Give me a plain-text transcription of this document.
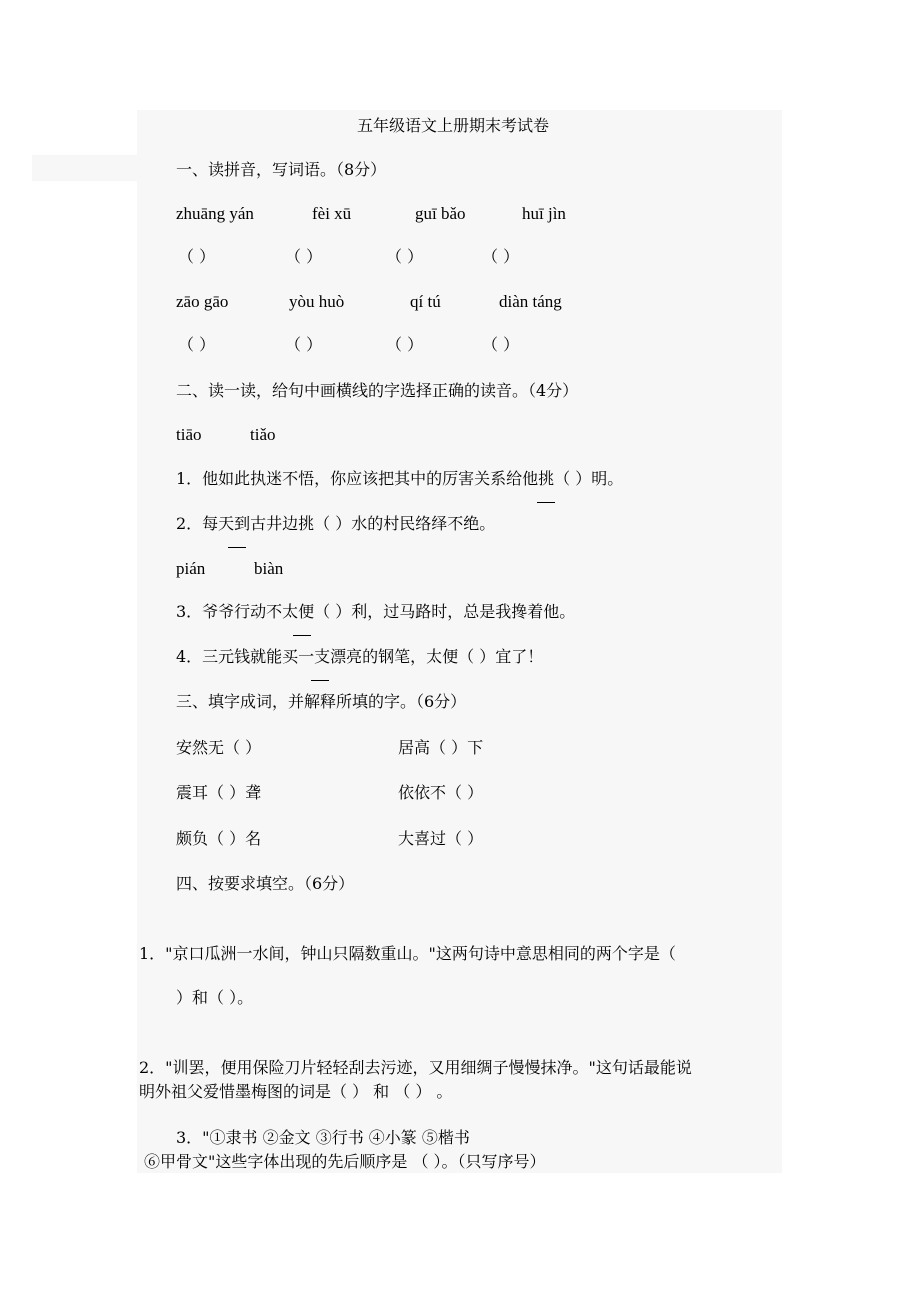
五年级语文上册期末考试卷
一、读拼音，写词语。（8分）
zhuāng yán	fèi xū	guī bǎo	huī jìn
（ ）	（ ）	（ ）	（ ）
zāo gāo	yòu huò	qí tú	diàn táng
（ ）	（ ）	（ ）	（ ）
二、读一读，给句中画横线的字选择正确的读音。（4分）
tiāo	tiǎo
1．他如此执迷不悟，你应该把其中的厉害关系给他挑（ ）明。
2．每天到古井边挑（ ）水的村民络绎不绝。
pián	biàn
3．爷爷行动不太便（ ）利，过马路时，总是我搀着他。
4．三元钱就能买一支漂亮的钢笔，太便（ ）宜了！
三、填字成词，并解释所填的字。（6分）
安然无（ ）	居高（ ）下
震耳（ ）聋	依依不（ ）
颇负（ ）名	大喜过（ ）
四、按要求填空。（6分）
1．"京口瓜洲一水间，钟山只隔数重山。"这两句诗中意思相同的两个字是（
）和（ ）。
2．"训罢，便用保险刀片轻轻刮去污迹，又用细绸子慢慢抹净。"这句话最能说
明外祖父爱惜墨梅图的词是（ ） 和 （ ） 。
3．"①隶书 ②金文 ③行书 ④小篆 ⑤楷书
⑥甲骨文"这些字体出现的先后顺序是 （ ）。（只写序号）
